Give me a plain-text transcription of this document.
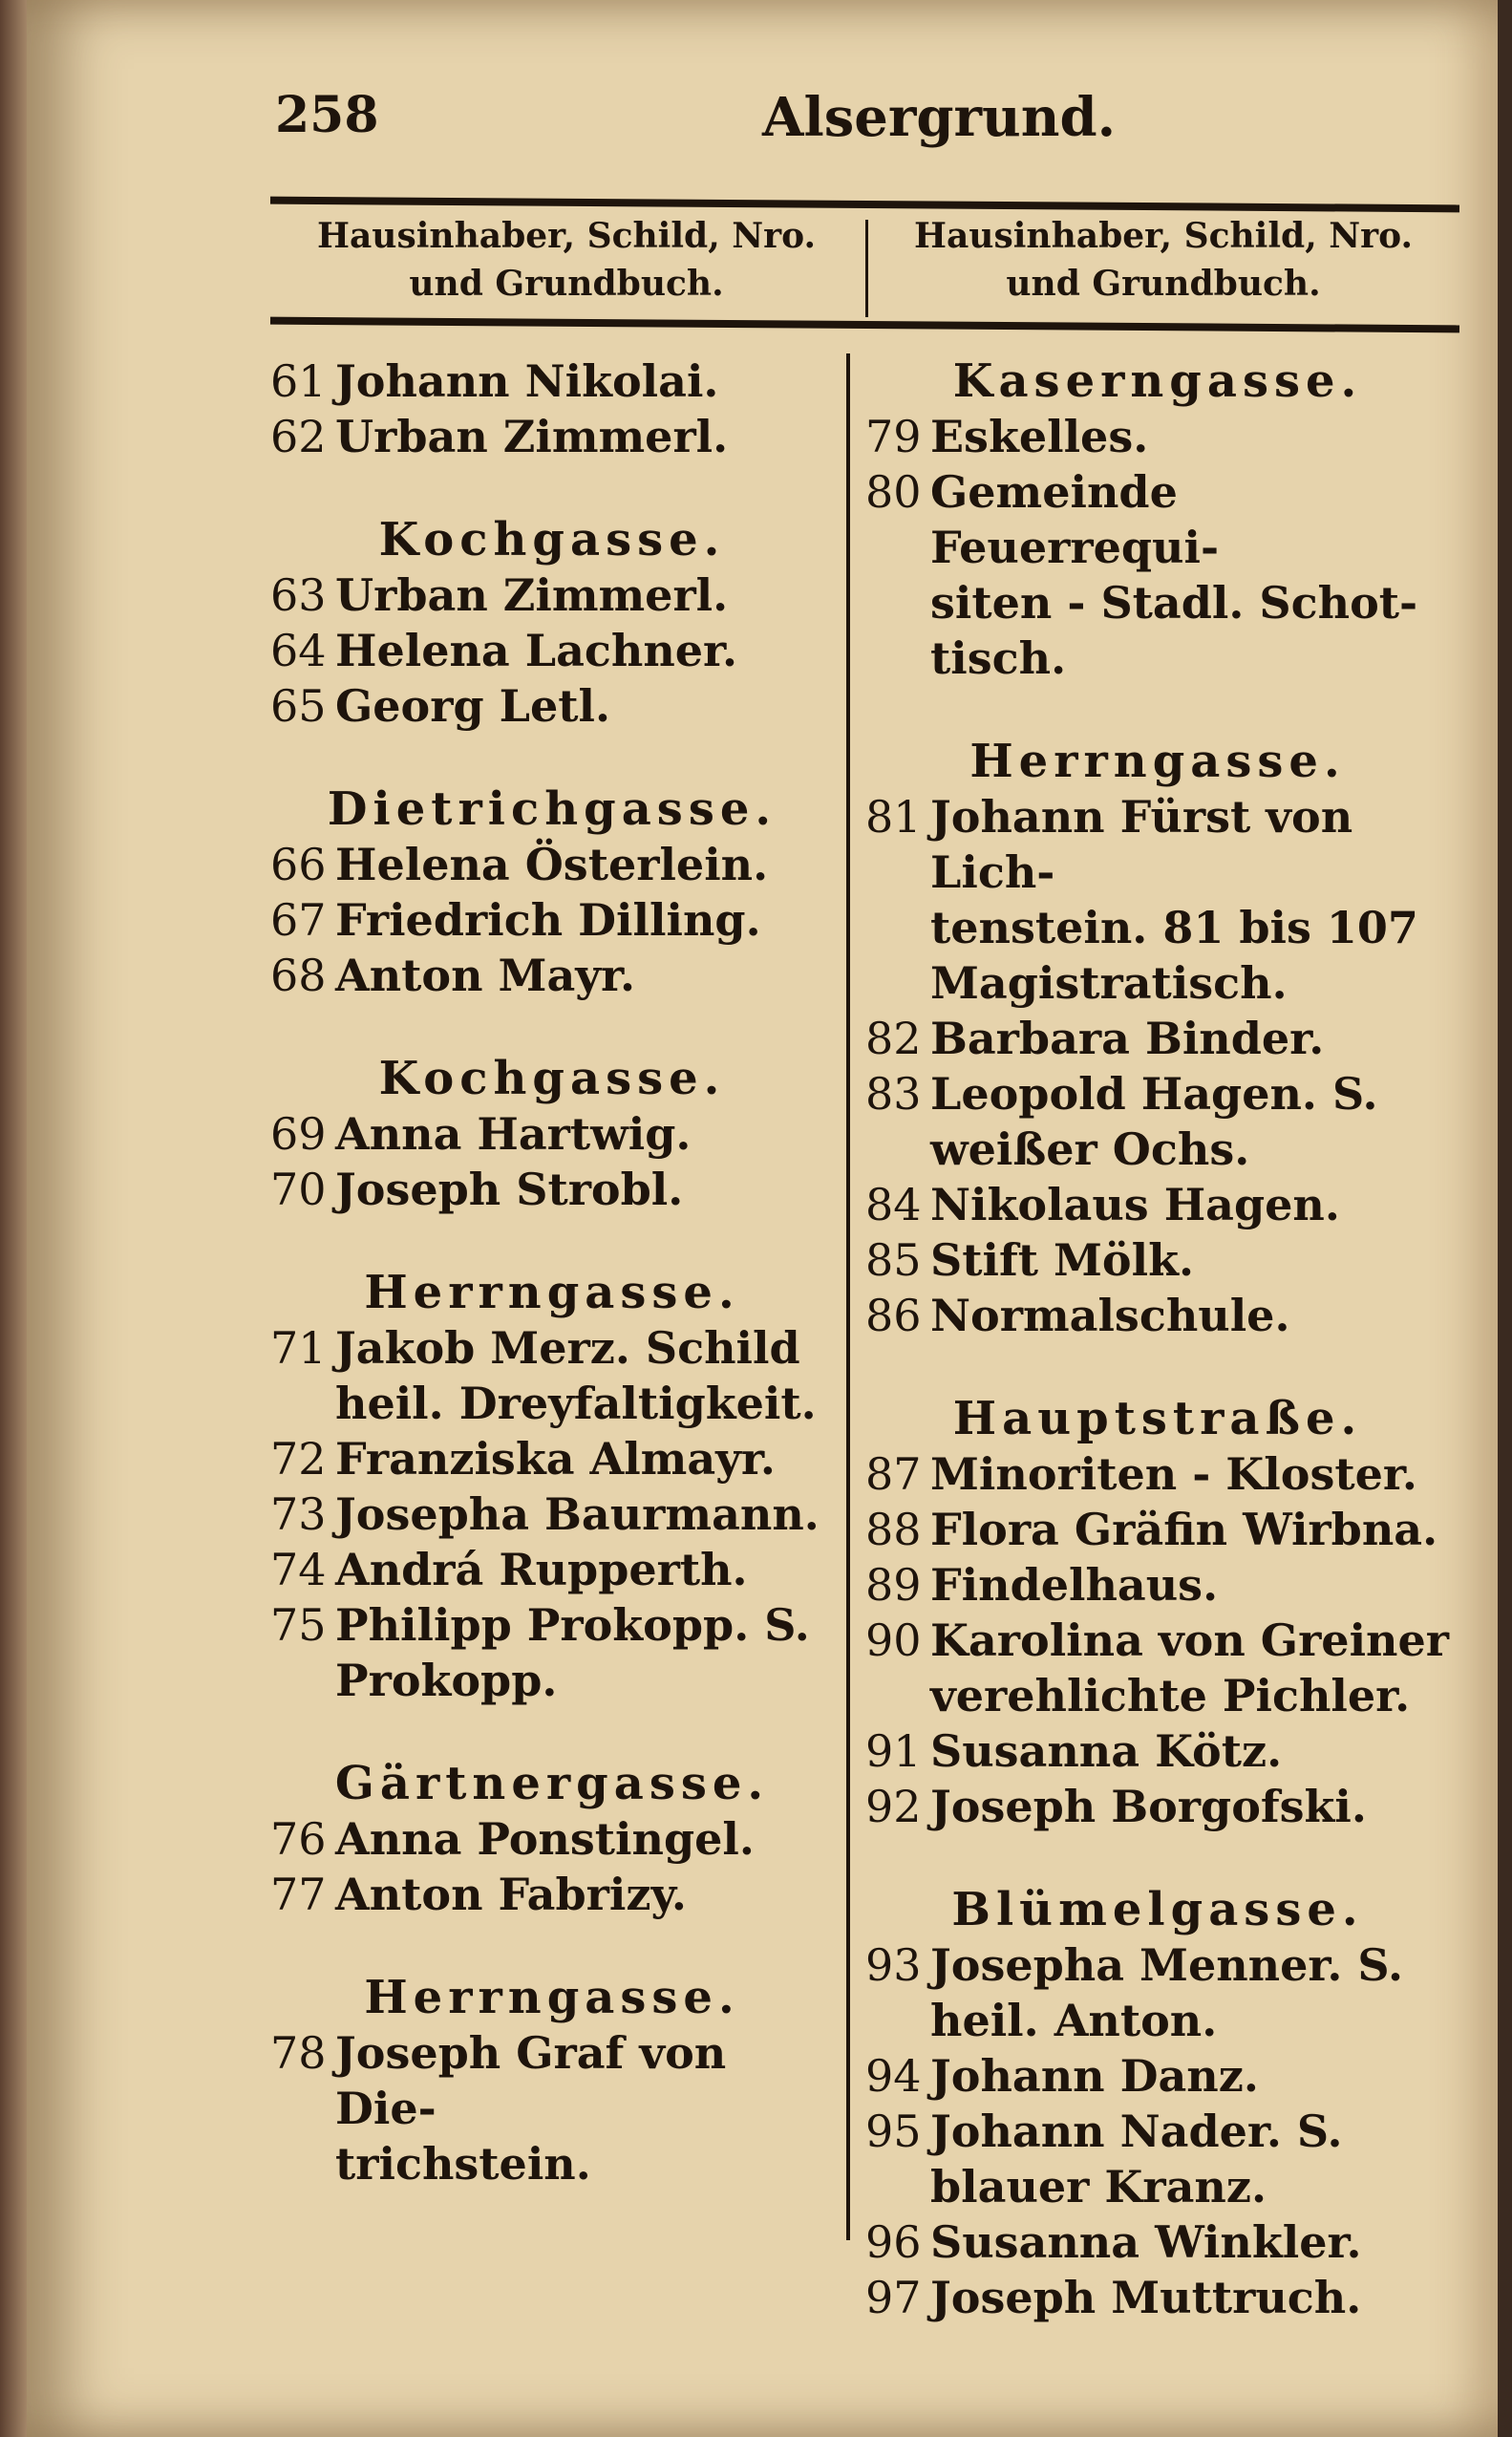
258	Alsergrund.
Hausinhaber, Schild, Nro.
und Grundbuch.
Hausinhaber, Schild, Nro.
und Grundbuch.
61 Johann Nikolai.
62 Urban Zimmerl.
Kochgasse.
63 Urban Zimmerl.
64 Helena Lachner.
65 Georg Letl.
Dietrichgasse.
66 Helena Österlein.
67 Friedrich Dilling.
68 Anton Mayr.
Kochgasse.
69 Anna Hartwig.
70 Joseph Strobl.
Herrngasse.
71 Jakob Merz. Schild
heil. Dreyfaltigkeit.
72 Franziska Almayr.
73 Josepha Baurmann.
74 Andrá Rupperth.
75 Philipp Prokopp. S.
Prokopp.
Gärtnergasse.
76 Anna Ponstingel.
77 Anton Fabrizy.
Herrngasse.
78 Joseph Graf von Die-
trichstein.
Kaserngasse.
79 Eskelles.
80 Gemeinde Feuerrequi-
siten - Stadl. Schot-
tisch.
Herrngasse.
81 Johann Fürst von Lich-
tenstein. 81 bis 107
Magistratisch.
82 Barbara Binder.
83 Leopold Hagen. S.
weißer Ochs.
84 Nikolaus Hagen.
85 Stift Mölk.
86 Normalschule.
Hauptstraße.
87 Minoriten - Kloster.
88 Flora Gräfin Wirbna.
89 Findelhaus.
90 Karolina von Greiner
verehlichte Pichler.
91 Susanna Kötz.
92 Joseph Borgofski.
Blümelgasse.
93 Josepha Menner. S.
heil. Anton.
94 Johann Danz.
95 Johann Nader. S.
blauer Kranz.
96 Susanna Winkler.
97 Joseph Muttruch.
